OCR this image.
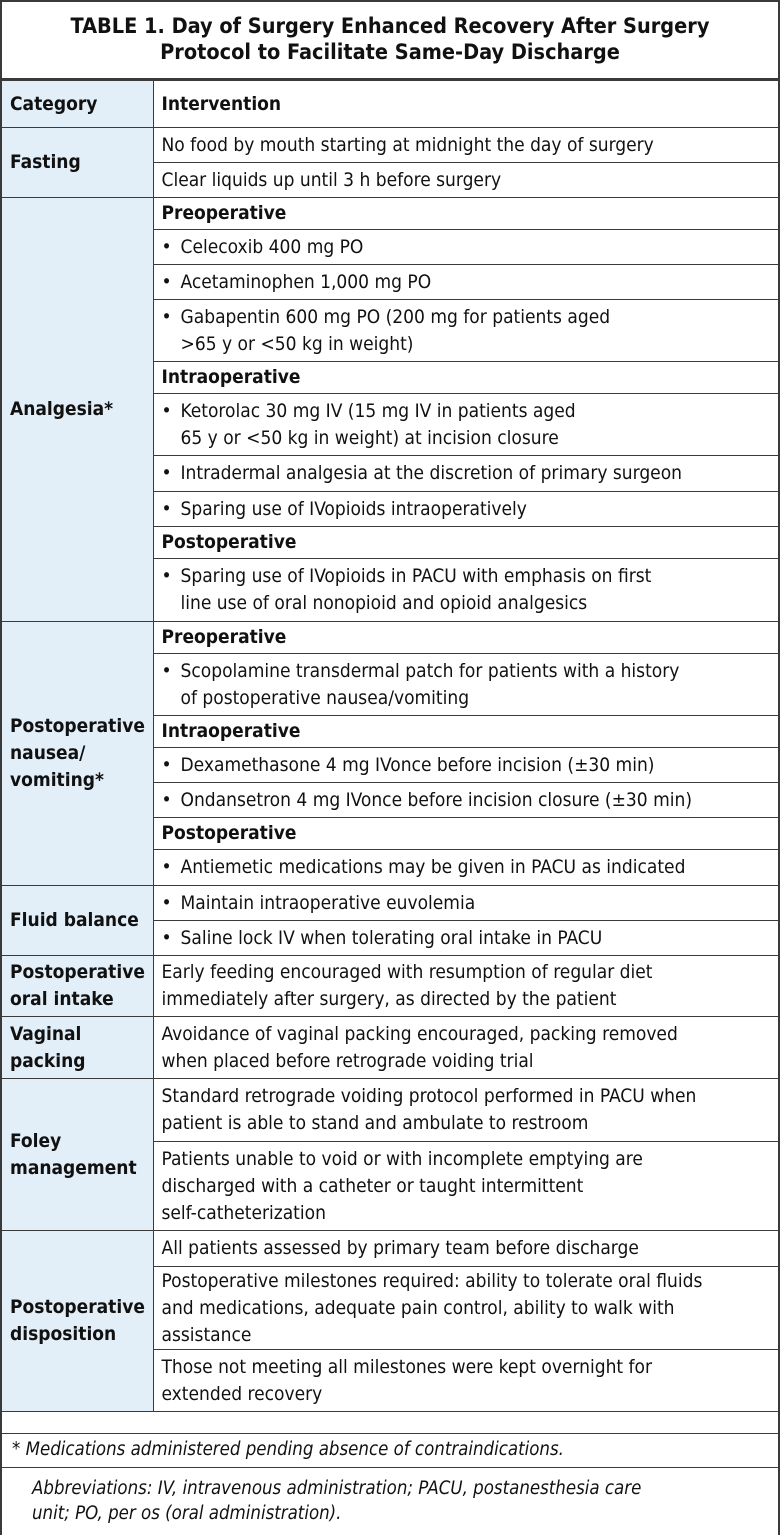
TABLE 1. Day of Surgery Enhanced Recovery After Surgery
Protocol to Facilitate Same-Day Discharge
Category	Intervention

Fasting	No food by mouth starting at midnight the day of surgery

	Clear liquids up until 3 h before surgery

Analgesia*	Preoperative

	• Celecoxib 400 mg PO

	• Acetaminophen 1,000 mg PO

	• Gabapentin 600 mg PO (200 mg for patients aged
>65 y or <50 kg in weight)

	Intraoperative

	• Ketorolac 30 mg IV (15 mg IV in patients aged
65 y or <50 kg in weight) at incision closure

	• Intradermal analgesia at the discretion of primary surgeon

	• Sparing use of IVopioids intraoperatively

	Postoperative

	• Sparing use of IVopioids in PACU with emphasis on first
line use of oral nonopioid and opioid analgesics

Postoperative
nausea/
vomiting*	Preoperative

	• Scopolamine transdermal patch for patients with a history
of postoperative nausea/vomiting

	Intraoperative

	• Dexamethasone 4 mg IVonce before incision (±30 min)

	• Ondansetron 4 mg IVonce before incision closure (±30 min)

	Postoperative

	• Antiemetic medications may be given in PACU as indicated

Fluid balance	• Maintain intraoperative euvolemia

	• Saline lock IV when tolerating oral intake in PACU

Postoperative
oral intake	Early feeding encouraged with resumption of regular diet
immediately after surgery, as directed by the patient

Vaginal
packing	Avoidance of vaginal packing encouraged, packing removed
when placed before retrograde voiding trial

Foley
management	Standard retrograde voiding protocol performed in PACU when
patient is able to stand and ambulate to restroom

	Patients unable to void or with incomplete emptying are
discharged with a catheter or taught intermittent
self-catheterization

Postoperative
disposition	All patients assessed by primary team before discharge

	Postoperative milestones required: ability to tolerate oral fluids
and medications, adequate pain control, ability to walk with
assistance

	Those not meeting all milestones were kept overnight for
extended recovery
* Medications administered pending absence of contraindications.
Abbreviations: IV, intravenous administration; PACU, postanesthesia care
unit; PO, per os (oral administration).
